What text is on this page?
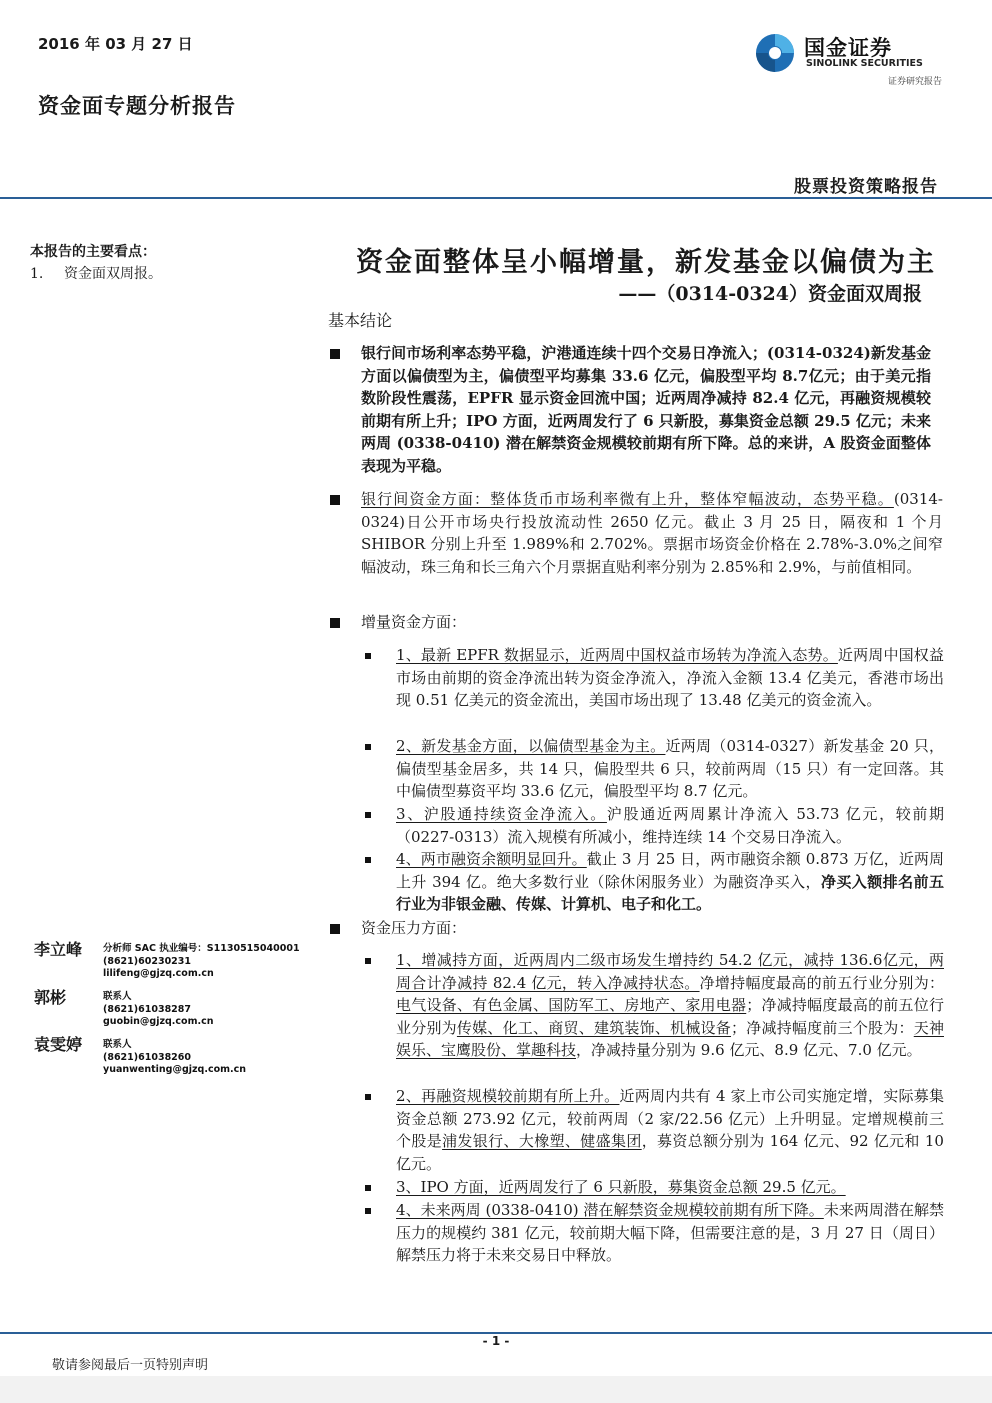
2016 年 03 月 27 日
资金面专题分析报告
国金证券
SINOLINK SECURITIES
证券研究报告
股票投资策略报告
本报告的主要看点：
1. 资金面双周报。	资金面整体呈小幅增量，新发基金以偏债为主
——（0314-0324）资金面双周报
基本结论
银行间市场利率态势平稳，沪港通连续十四个交易日净流入；(0314-0324)新发基金方面以偏债型为主，偏债型平均募集 33.6 亿元，偏股型平均 8.7亿元；由于美元指数阶段性震荡，EPFR 显示资金回流中国；近两周净减持 82.4 亿元，再融资规模较前期有所上升；IPO 方面，近两周发行了 6 只新股，募集资金总额 29.5 亿元；未来两周 (0338-0410) 潜在解禁资金规模较前期有所下降。总的来讲，A 股资金面整体表现为平稳。
银行间资金方面：整体货币市场利率微有上升，整体窄幅波动，态势平稳。(0314-0324)日公开市场央行投放流动性 2650 亿元。截止 3 月 25 日，隔夜和 1 个月 SHIBOR 分别上升至 1.989%和 2.702%。票据市场资金价格在 2.78%-3.0%之间窄幅波动，珠三角和长三角六个月票据直贴利率分别为 2.85%和 2.9%，与前值相同。
增量资金方面：
1、最新 EPFR 数据显示，近两周中国权益市场转为净流入态势。近两周中国权益市场由前期的资金净流出转为资金净流入，净流入金额 13.4 亿美元，香港市场出现 0.51 亿美元的资金流出，美国市场出现了 13.48 亿美元的资金流入。
2、新发基金方面，以偏债型基金为主。近两周（0314-0327）新发基金 20 只，偏债型基金居多，共 14 只，偏股型共 6 只，较前两周（15 只）有一定回落。其中偏债型募资平均 33.6 亿元，偏股型平均 8.7 亿元。
3、沪股通持续资金净流入。沪股通近两周累计净流入 53.73 亿元，较前期（0227-0313）流入规模有所减小，维持连续 14 个交易日净流入。
4、两市融资余额明显回升。截止 3 月 25 日，两市融资余额 0.873 万亿，近两周上升 394 亿。绝大多数行业（除休闲服务业）为融资净买入，净买入额排名前五行业为非银金融、传媒、计算机、电子和化工。
资金压力方面：
1、增减持方面，近两周内二级市场发生增持约 54.2 亿元，减持 136.6亿元，两周合计净减持 82.4 亿元，转入净减持状态。净增持幅度最高的前五行业分别为：电气设备、有色金属、国防军工、房地产、家用电器；净减持幅度最高的前五位行业分别为传媒、化工、商贸、建筑装饰、机械设备；净减持幅度前三个股为：天神娱乐、宝鹰股份、掌趣科技，净减持量分别为 9.6 亿元、8.9 亿元、7.0 亿元。
2、再融资规模较前期有所上升。近两周内共有 4 家上市公司实施定增，实际募集资金总额 273.92 亿元，较前两周（2 家/22.56 亿元）上升明显。定增规模前三个股是浦发银行、大橡塑、健盛集团，募资总额分别为 164 亿元、92 亿元和 10 亿元。
3、IPO 方面，近两周发行了 6 只新股，募集资金总额 29.5 亿元。
4、未来两周 (0338-0410) 潜在解禁资金规模较前期有所下降。未来两周潜在解禁压力的规模约 381 亿元，较前期大幅下降，但需要注意的是，3 月 27 日（周日）解禁压力将于未来交易日中释放。
李立峰 分析师 SAC 执业编号：S1130515040001
(8621)60230231
lilifeng@gjzq.com.cn
郭彬	联系人
(8621)61038287
guobin@gjzq.com.cn
袁雯婷 联系人
(8621)61038260
yuanwenting@gjzq.com.cn
- 1 -
敬请参阅最后一页特别声明
